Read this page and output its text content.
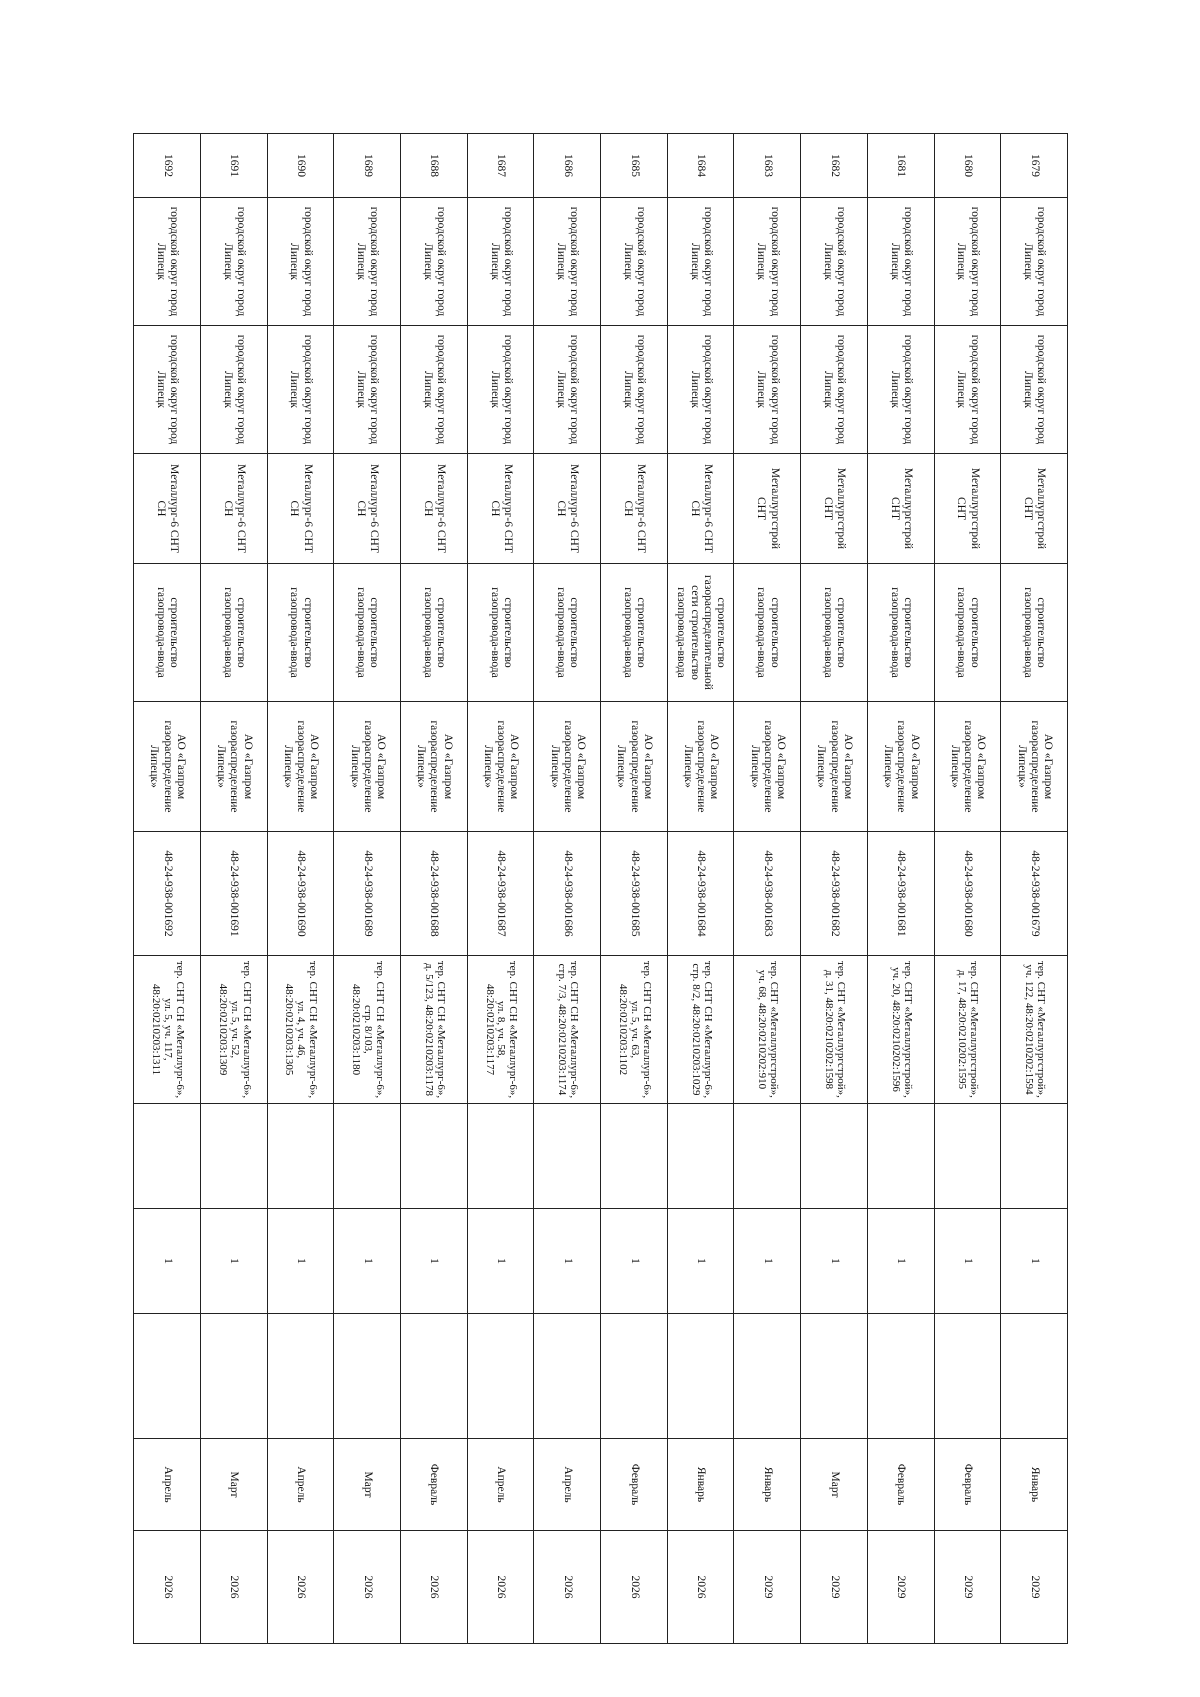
1679	городской округ город Липецк	городской округ город Липецк	Металлургстрой СНТ	строительство газопровода-ввода	АО «Газпром газораспределение Липецк»	48-24-938-001679	тер. СНТ «Металлургстрой», уч. 122, 48:20:0210202:1594		1		Январь	2029
1680	городской округ город Липецк	городской округ город Липецк	Металлургстрой СНТ	строительство газопровода-ввода	АО «Газпром газораспределение Липецк»	48-24-938-001680	тер. СНТ «Металлургстрой», д. 17, 48:20:0210202:1595		1		Февраль	2029
1681	городской округ город Липецк	городской округ город Липецк	Металлургстрой СНТ	строительство газопровода-ввода	АО «Газпром газораспределение Липецк»	48-24-938-001681	тер. СНТ «Металлургстрой», уч. 20, 48:20:0210202:1596		1		Февраль	2029
1682	городской округ город Липецк	городской округ город Липецк	Металлургстрой СНТ	строительство газопровода-ввода	АО «Газпром газораспределение Липецк»	48-24-938-001682	тер. СНТ «Металлургстрой», д. 31, 48:20:0210202:1598		1		Март	2029
1683	городской округ город Липецк	городской округ город Липецк	Металлургстрой СНТ	строительство газопровода-ввода	АО «Газпром газораспределение Липецк»	48-24-938-001683	тер. СНТ «Металлургстрой», уч. 68, 48:20:0210202:910		1		Январь	2029
1684	городской округ город Липецк	городской округ город Липецк	Металлург-6 СНТ СН	строительство газораспределительной сети строительство газопровода-ввода	АО «Газпром газораспределение Липецк»	48-24-938-001684	тер. СНТ СН «Металлург-6», стр. 8/2, 48:20:0210203:1029		1		Январь	2026
1685	городской округ город Липецк	городской округ город Липецк	Металлург-6 СНТ СН	строительство газопровода-ввода	АО «Газпром газораспределение Липецк»	48-24-938-001685	тер. СНТ СН «Металлург-6», ул. 5, уч. 63, 48:20:0210203:1102		1		Февраль	2026
1686	городской округ город Липецк	городской округ город Липецк	Металлург-6 СНТ СН	строительство газопровода-ввода	АО «Газпром газораспределение Липецк»	48-24-938-001686	тер. СНТ СН «Металлург-6», стр. 7/3, 48:20:0210203:1174		1		Апрель	2026
1687	городской округ город Липецк	городской округ город Липецк	Металлург-6 СНТ СН	строительство газопровода-ввода	АО «Газпром газораспределение Липецк»	48-24-938-001687	тер. СНТ СН «Металлург-6», ул. 8, уч. 58, 48:20:0210203:1177		1		Апрель	2026
1688	городской округ город Липецк	городской округ город Липецк	Металлург-6 СНТ СН	строительство газопровода-ввода	АО «Газпром газораспределение Липецк»	48-24-938-001688	тер. СНТ СН «Металлург-6», д. 5/123, 48:20:0210203:1178		1		Февраль	2026
1689	городской округ город Липецк	городской округ город Липецк	Металлург-6 СНТ СН	строительство газопровода-ввода	АО «Газпром газораспределение Липецк»	48-24-938-001689	тер. СНТ СН «Металлург-6», стр. 8/103, 48:20:0210203:1180		1		Март	2026
1690	городской округ город Липецк	городской округ город Липецк	Металлург-6 СНТ СН	строительство газопровода-ввода	АО «Газпром газораспределение Липецк»	48-24-938-001690	тер. СНТ СН «Металлург-6», ул. 4, уч. 46, 48:20:0210203:1305		1		Апрель	2026
1691	городской округ город Липецк	городской округ город Липецк	Металлург-6 СНТ СН	строительство газопровода-ввода	АО «Газпром газораспределение Липецк»	48-24-938-001691	тер. СНТ СН «Металлург-6», ул. 5, уч. 52, 48:20:0210203:1309		1		Март	2026
1692	городской округ город Липецк	городской округ город Липецк	Металлург-6 СНТ СН	строительство газопровода-ввода	АО «Газпром газораспределение Липецк»	48-24-938-001692	тер. СНТ СН «Металлург-6», ул. 5, уч. 117, 48:20:0210203:1311		1		Апрель	2026
